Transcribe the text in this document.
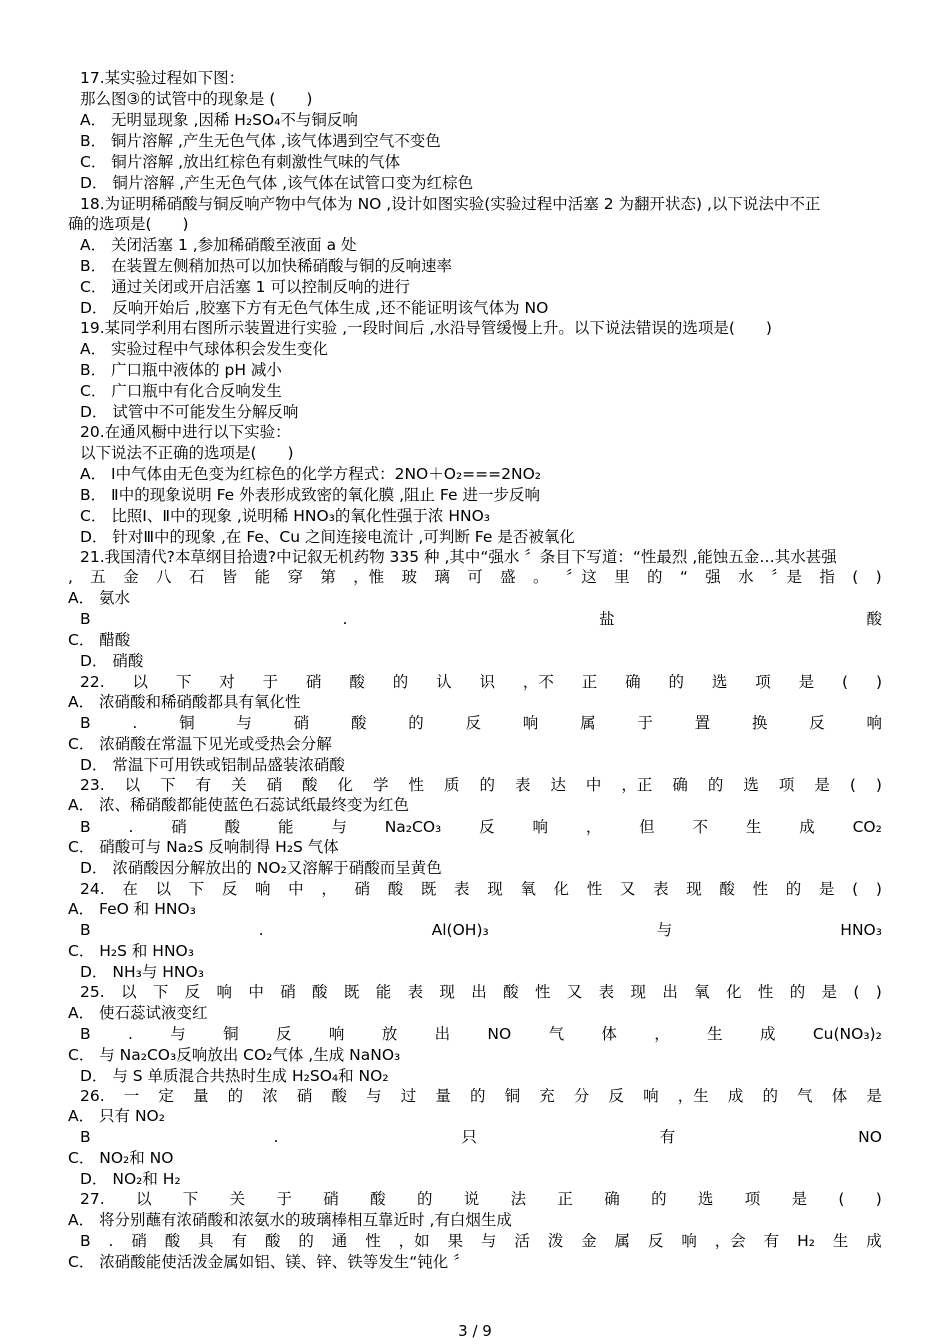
17.某实验过程如下图：
那么图③的试管中的现象是 (　　)
A． 无明显现象 ,因稀 H₂SO₄不与铜反响
B． 铜片溶解 ,产生无色气体 ,该气体遇到空气不变色
C． 铜片溶解 ,放出红棕色有刺激性气味的气体
D． 铜片溶解 ,产生无色气体 ,该气体在试管口变为红棕色
18.为证明稀硝酸与铜反响产物中气体为 NO ,设计如图实验(实验过程中活塞 2 为翻开状态) ,以下说法中不正
确的选项是(　　)
A． 关闭活塞 1 ,参加稀硝酸至液面 a 处
B． 在装置左侧稍加热可以加快稀硝酸与铜的反响速率
C． 通过关闭或开启活塞 1 可以控制反响的进行
D． 反响开始后 ,胶塞下方有无色气体生成 ,还不能证明该气体为 NO
19.某同学利用右图所示装置进行实验 ,一段时间后 ,水沿导管缓慢上升。以下说法错误的选项是(　　)
A． 实验过程中气球体积会发生变化
B． 广口瓶中液体的 pH 减小
C． 广口瓶中有化合反响发生
D． 试管中不可能发生分解反响
20.在通风橱中进行以下实验：
以下说法不正确的选项是(　　)
A． Ⅰ中气体由无色变为红棕色的化学方程式：2NO＋O₂===2NO₂
B． Ⅱ中的现象说明 Fe 外表形成致密的氧化膜 ,阻止 Fe 进一步反响
C． 比照Ⅰ、Ⅱ中的现象 ,说明稀 HNO₃的氧化性强于浓 HNO₃
D． 针对Ⅲ中的现象 ,在 Fe、Cu 之间连接电流计 ,可判断 Fe 是否被氧化
21.我国清代?本草纲目拾遗?中记叙无机药物 335 种 ,其中“强水 〞条目下写道：“性最烈 ,能蚀五金…其水甚强
, 五 金 八 石 皆 能 穿 第 ，惟 玻 璃 可 盛 。 〞这 里 的 “ 强 水 〞是 指 ( )
A． 氨水
B	.	盐	酸
C． 醋酸
D． 硝酸
22. 以 下 对 于 硝 酸 的 认 识 ，不 正 确 的 选 项 是 ( )
A． 浓硝酸和稀硝酸都具有氧化性
B	.	铜	与	硝	酸	的	反	响	属	于	置	换	反	响
C． 浓硝酸在常温下见光或受热会分解
D． 常温下可用铁或铝制品盛装浓硝酸
23. 以 下 有 关 硝 酸 化 学 性 质 的 表 达 中 ，正 确 的 选 项 是 ( )
A． 浓、稀硝酸都能使蓝色石蕊试纸最终变为红色
B . 硝 酸 能 与 Na₂CO₃ 反 响 ， 但 不 生 成 CO₂
C． 硝酸可与 Na₂S 反响制得 H₂S 气体
D． 浓硝酸因分解放出的 NO₂又溶解于硝酸而呈黄色
24. 在 以 下 反 响 中 ， 硝 酸 既 表 现 氧 化 性 又 表 现 酸 性 的 是 ( )
A． FeO 和 HNO₃
B	.	Al(OH)₃	与	HNO₃
C． H₂S 和 HNO₃
D． NH₃与 HNO₃
25. 以 下 反 响 中 硝 酸 既 能 表 现 出 酸 性 又 表 现 出 氧 化 性 的 是 ( )
A． 使石蕊试液变红
B . 与 铜 反 响 放 出 NO 气 体 ， 生 成 Cu(NO₃)₂
C． 与 Na₂CO₃反响放出 CO₂气体 ,生成 NaNO₃
D． 与 S 单质混合共热时生成 H₂SO₄和 NO₂
26. 一 定 量 的 浓 硝 酸 与 过 量 的 铜 充 分 反 响 ，生 成 的 气 体 是
A． 只有 NO₂
B	.	只	有	NO
C． NO₂和 NO
D． NO₂和 H₂
27. 以 下 关 于 硝 酸 的 说 法 正 确 的 选 项 是 ( )
A． 将分别蘸有浓硝酸和浓氨水的玻璃棒相互靠近时 ,有白烟生成
B . 硝 酸 具 有 酸 的 通 性 ，如 果 与 活 泼 金 属 反 响 ，会 有 H₂ 生 成
C． 浓硝酸能使活泼金属如铝、镁、锌、铁等发生“钝化 〞
3 / 9
